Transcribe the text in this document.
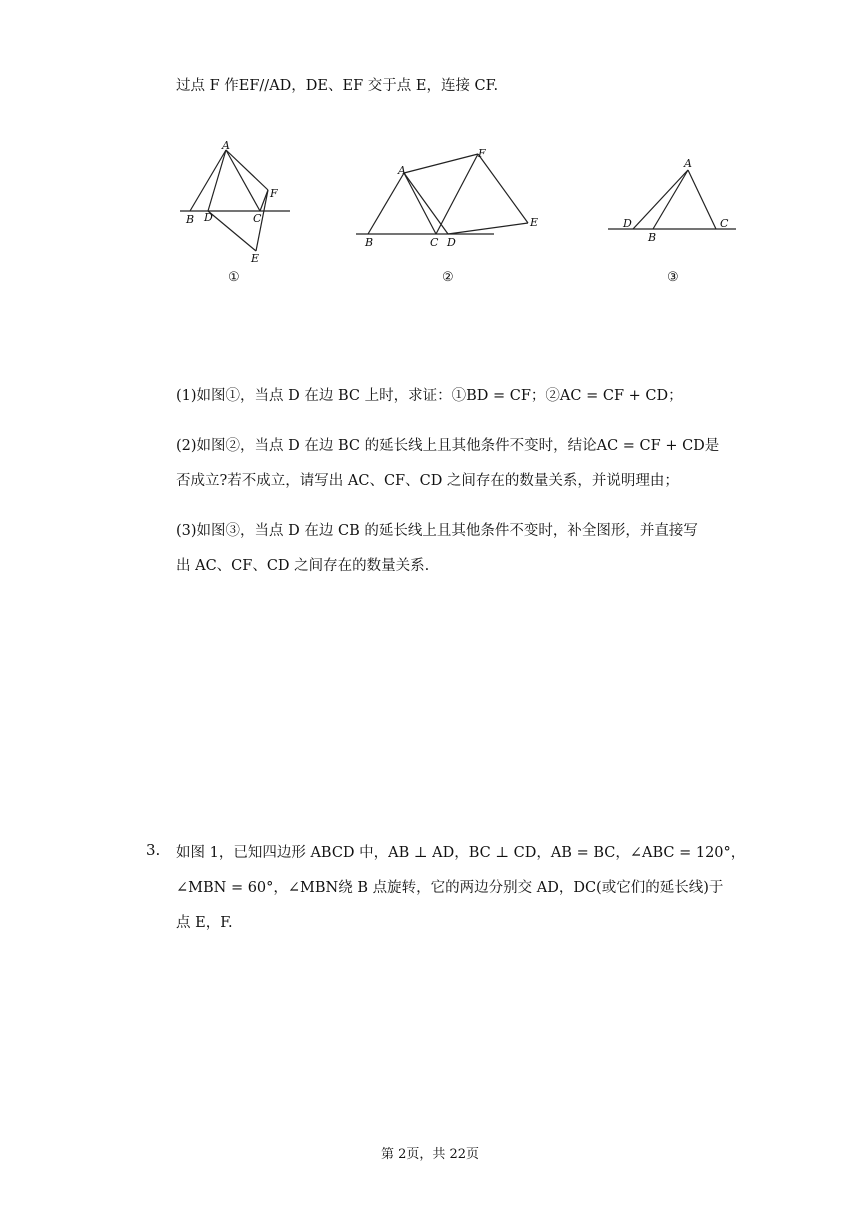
过点 F 作EF//AD，DE、EF 交于点 E，连接 CF.
A
B D	C
F
E
①
A
F
E
B	C D
②
A
D
B
C
③
(1)如图①，当点 D 在边 BC 上时，求证：①BD = CF；②AC = CF + CD；
(2)如图②，当点 D 在边 BC 的延长线上且其他条件不变时，结论AC = CF + CD是
否成立?若不成立，请写出 AC、CF、CD 之间存在的数量关系，并说明理由；
(3)如图③，当点 D 在边 CB 的延长线上且其他条件不变时，补全图形，并直接写
出 AC、CF、CD 之间存在的数量关系.
3. 如图 1，已知四边形 ABCD 中，AB ⊥ AD，BC ⊥ CD，AB = BC，∠ABC = 120°，
∠MBN = 60°，∠MBN绕 B 点旋转，它的两边分别交 AD，DC(或它们的延长线)于
点 E，F.
第 2页，共 22页
